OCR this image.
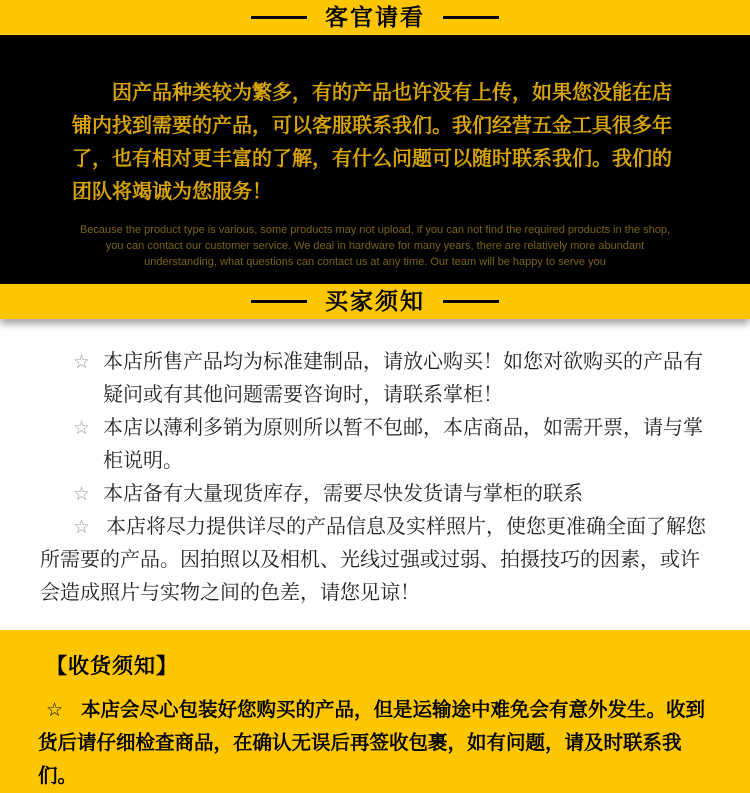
客官请看

因产品种类较为繁多，有的产品也许没有上传，如果您没能在店铺内找到需要的产品，可以客服联系我们。我们经营五金工具很多年了，也有相对更丰富的了解，有什么问题可以随时联系我们。我们的团队将竭诚为您服务！

Because the product type is various, some products may not upload, if you can not find the required products in the shop, you can contact our customer service. We deal in hardware for many years, there are relatively more abundant understanding, what questions can contact us at any time. Our team will be happy to serve you

买家须知
☆ 本店所售产品均为标准建制品，请放心购买！如您对欲购买的产品有疑问或有其他问题需要咨询时，请联系掌柜！
☆ 本店以薄利多销为原则所以暂不包邮，本店商品，如需开票，请与掌柜说明。
☆ 本店备有大量现货库存，需要尽快发货请与掌柜的联系

☆ 本店将尽力提供详尽的产品信息及实样照片，使您更准确全面了解您所需要的产品。因拍照以及相机、光线过强或过弱、拍摄技巧的因素，或许会造成照片与实物之间的色差，请您见谅！

【收货须知】

☆ 本店会尽心包装好您购买的产品，但是运输途中难免会有意外发生。收到货后请仔细检查商品，在确认无误后再签收包裹，如有问题，请及时联系我们。
